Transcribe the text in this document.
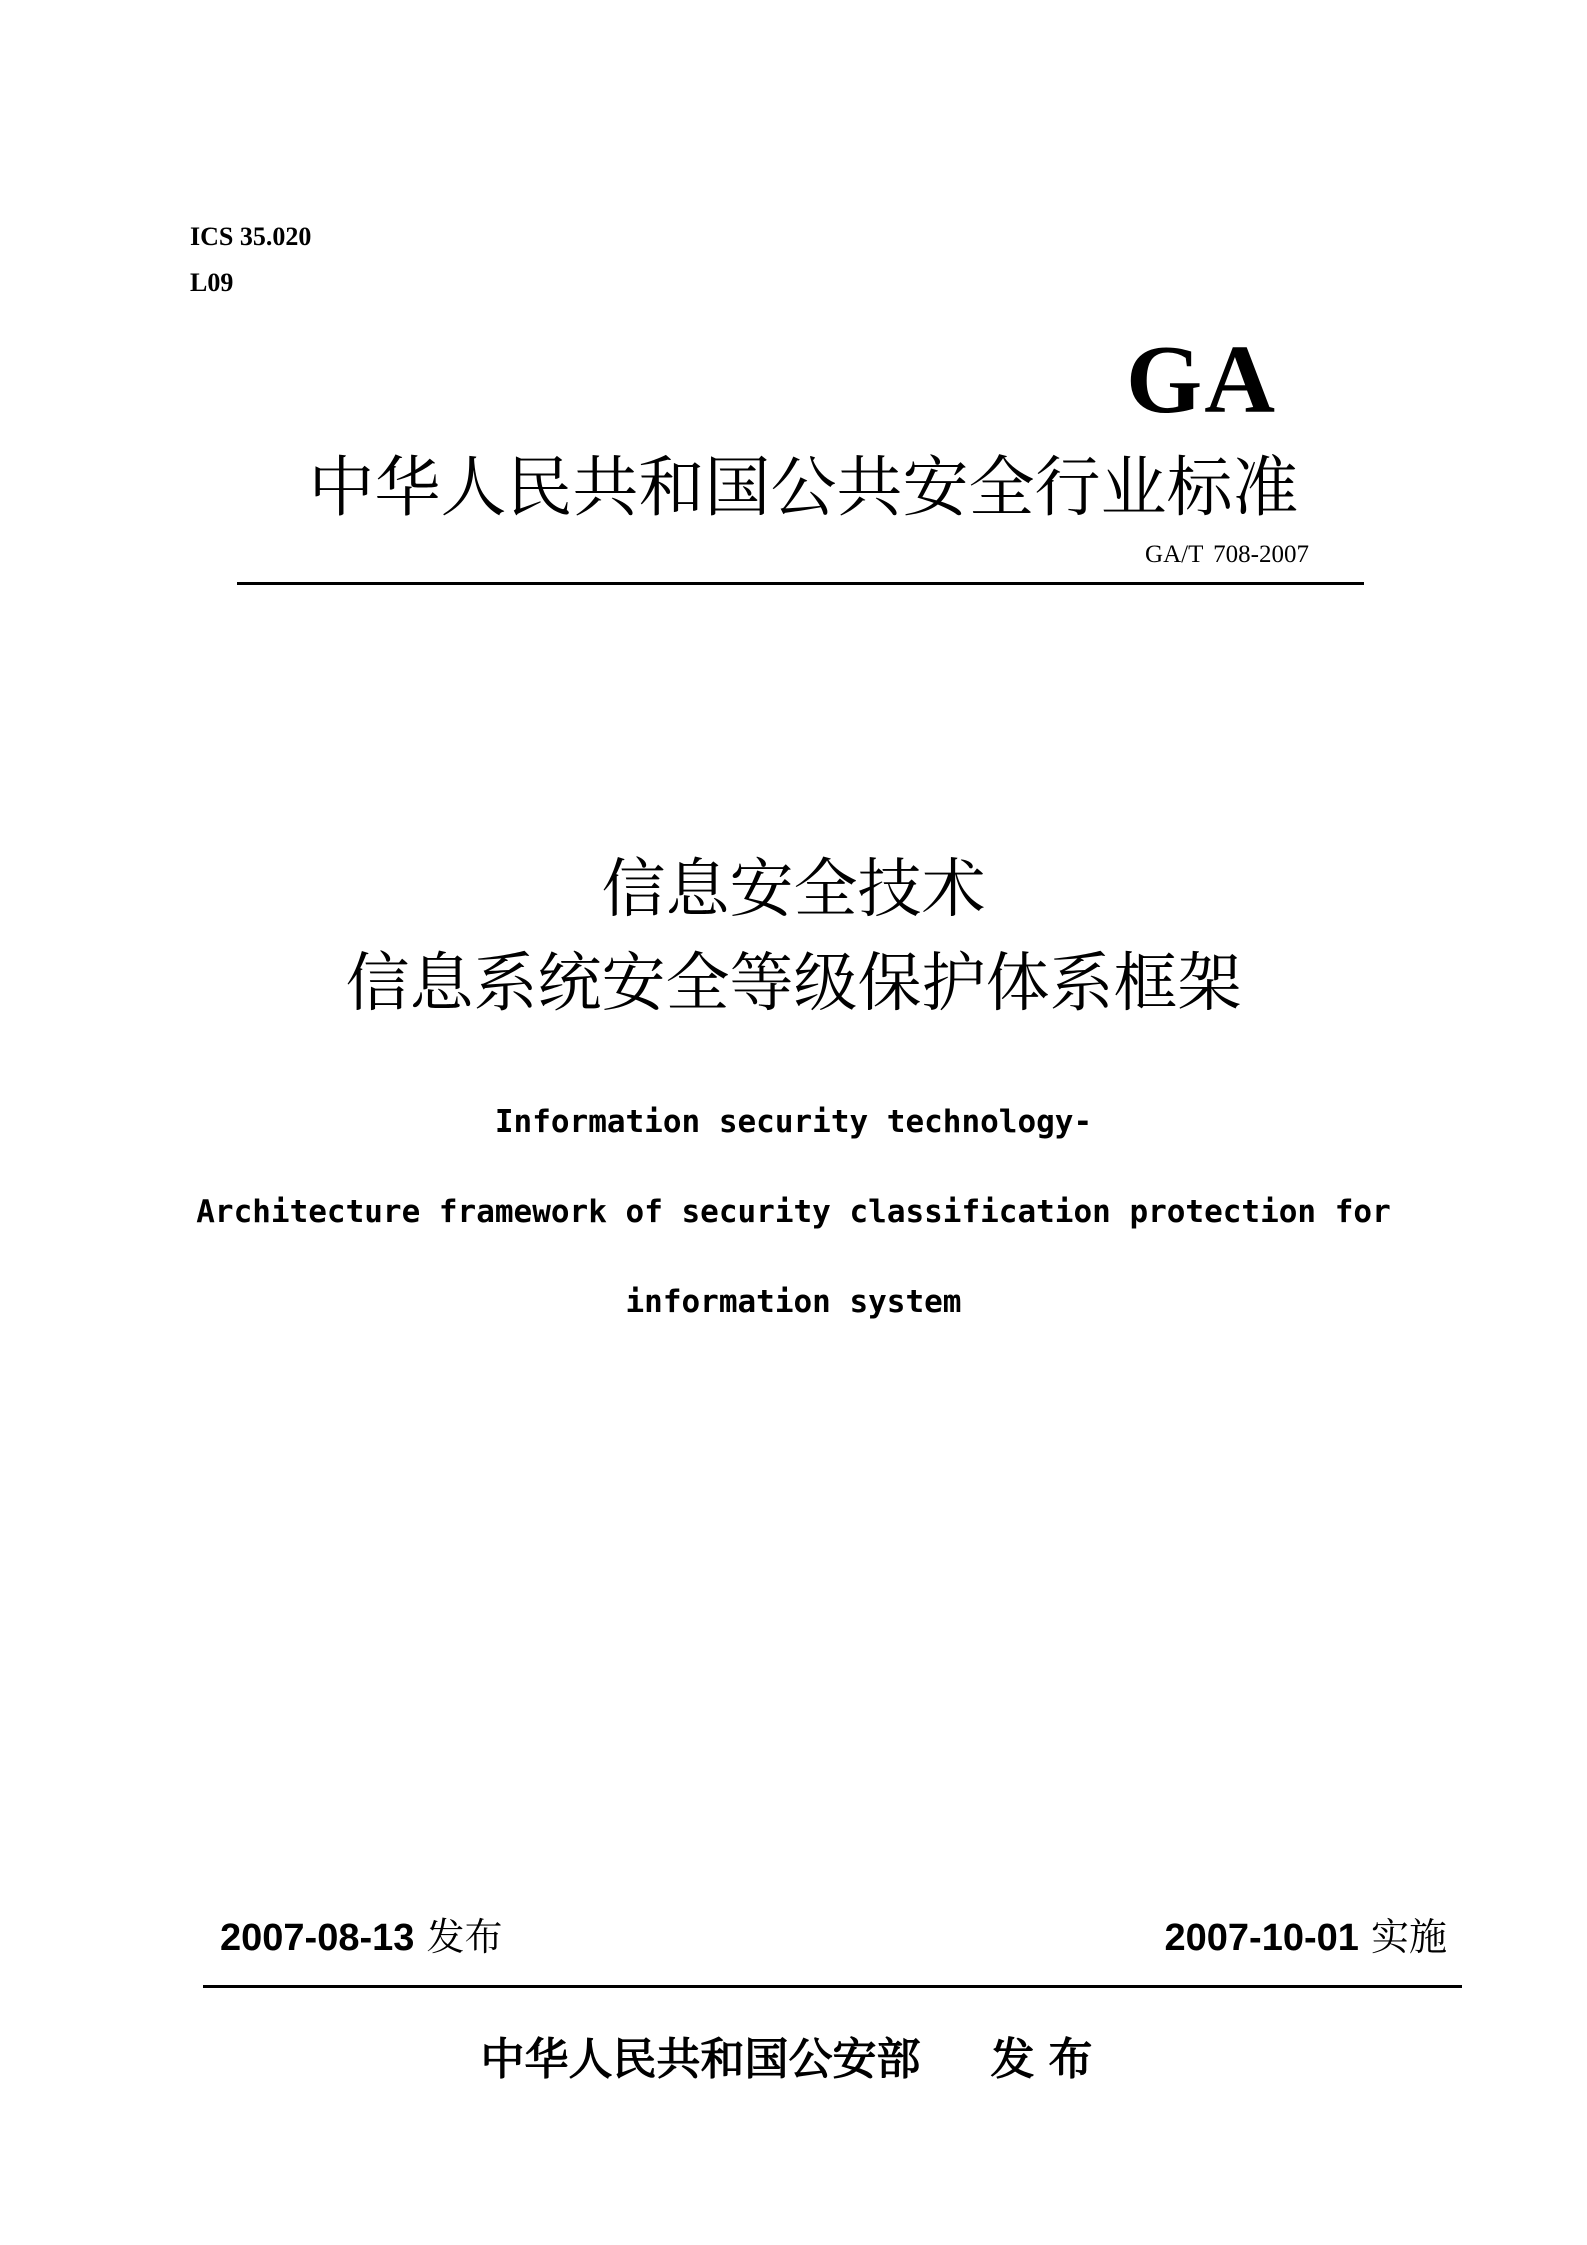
ICS 35.020
L09
GA
中华人民共和国公共安全行业标准
GA/T 708-2007
信息安全技术
信息系统安全等级保护体系框架
Information security technology-
Architecture framework of security classification protection for
information system
2007-08-13 发布	2007-10-01 实施
中华人民共和国公安部 发布
